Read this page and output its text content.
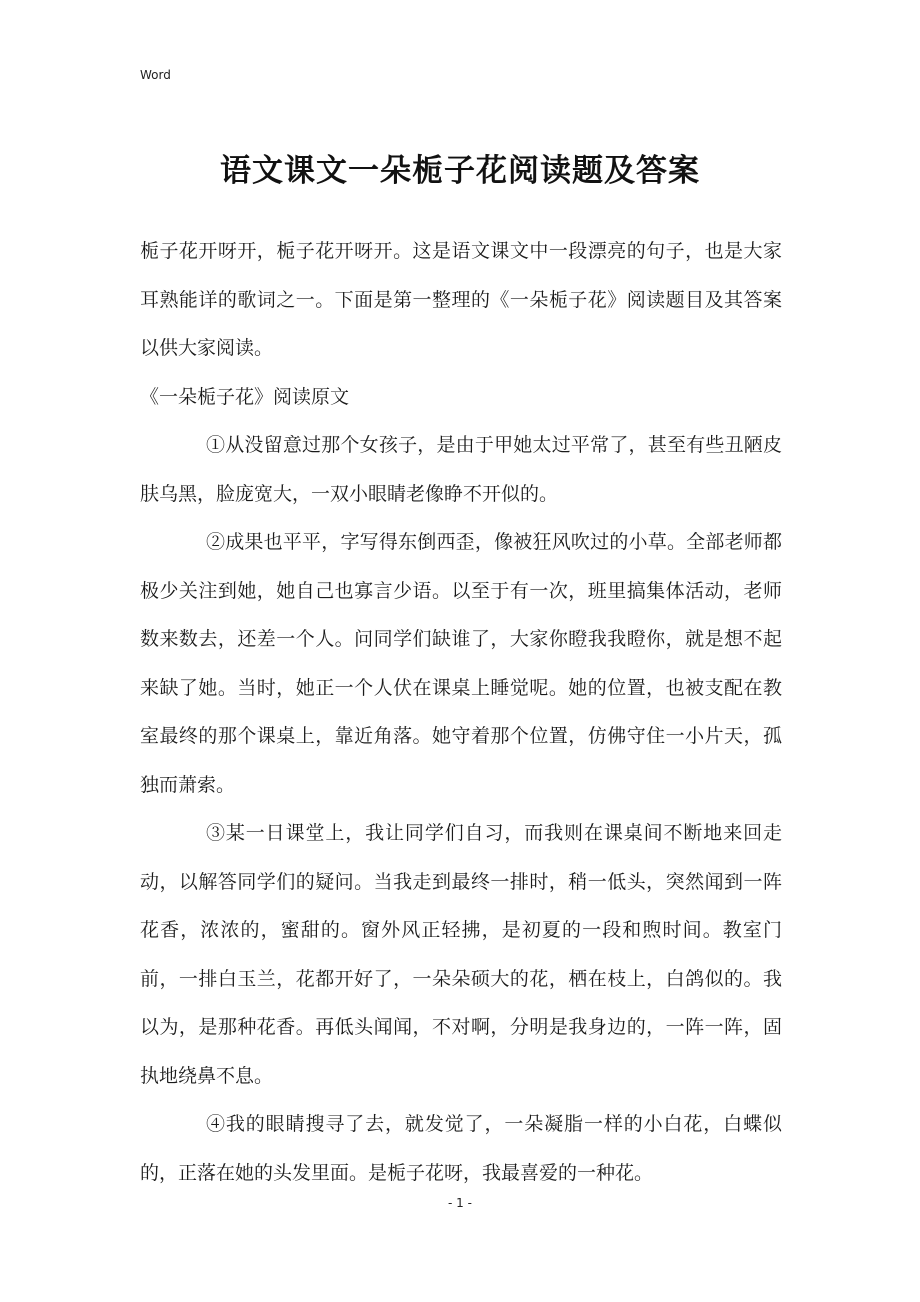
Word
语文课文一朵栀子花阅读题及答案

栀子花开呀开，栀子花开呀开。这是语文课文中一段漂亮的句子，也是大家耳熟能详的歌词之一。下面是第一整理的《一朵栀子花》阅读题目及其答案以供大家阅读。

《一朵栀子花》阅读原文

①从没留意过那个女孩子，是由于甲她太过平常了，甚至有些丑陋皮肤乌黑，脸庞宽大，一双小眼睛老像睁不开似的。

②成果也平平，字写得东倒西歪，像被狂风吹过的小草。全部老师都极少关注到她，她自己也寡言少语。以至于有一次，班里搞集体活动，老师数来数去，还差一个人。问同学们缺谁了，大家你瞪我我瞪你，就是想不起来缺了她。当时，她正一个人伏在课桌上睡觉呢。她的位置，也被支配在教室最终的那个课桌上，靠近角落。她守着那个位置，仿佛守住一小片天，孤独而萧索。

③某一日课堂上，我让同学们自习，而我则在课桌间不断地来回走动，以解答同学们的疑问。当我走到最终一排时，稍一低头，突然闻到一阵花香，浓浓的，蜜甜的。窗外风正轻拂，是初夏的一段和煦时间。教室门前，一排白玉兰，花都开好了，一朵朵硕大的花，栖在枝上，白鸽似的。我以为，是那种花香。再低头闻闻，不对啊，分明是我身边的，一阵一阵，固执地绕鼻不息。

④我的眼睛搜寻了去，就发觉了，一朵凝脂一样的小白花，白蝶似的，正落在她的头发里面。是栀子花呀，我最喜爱的一种花。

- 1 -
